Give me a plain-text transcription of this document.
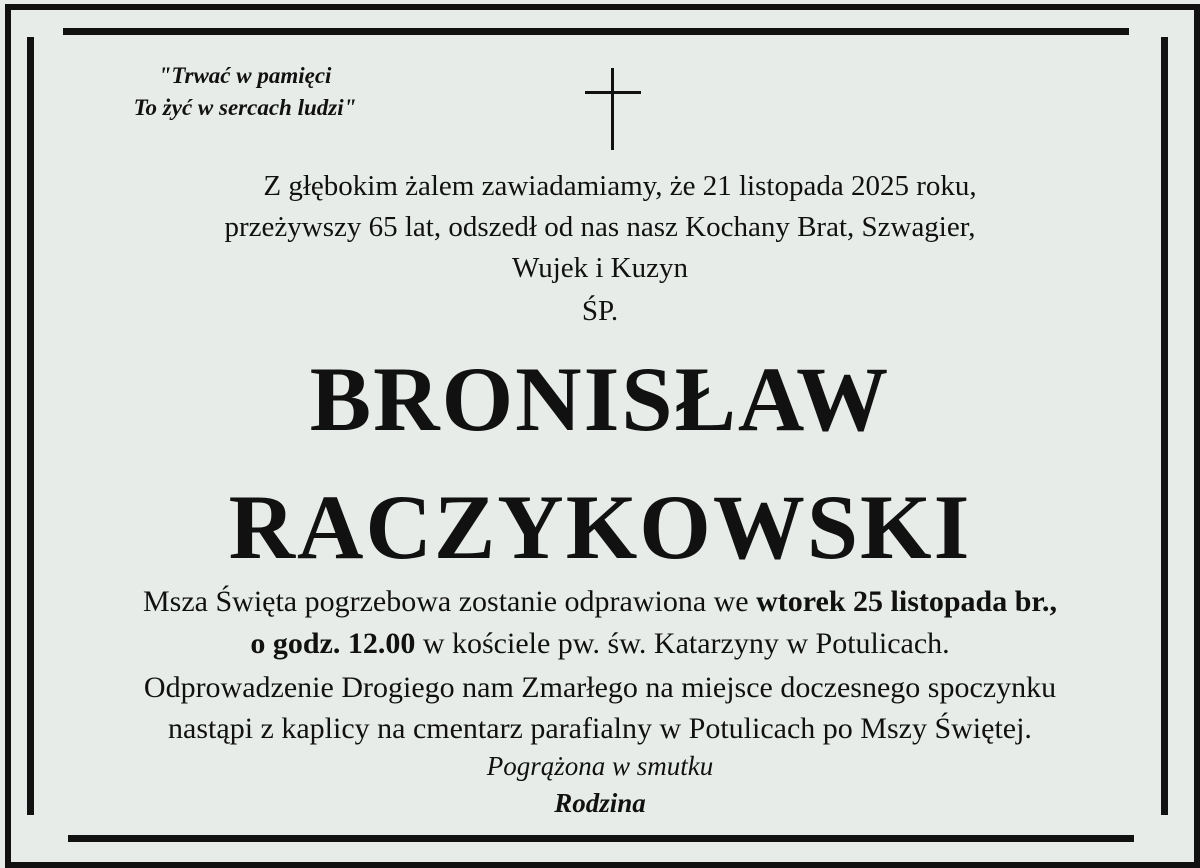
"Trwać w pamięci
To żyć w sercach ludzi"
Z głębokim żalem zawiadamiamy, że 21 listopada 2025 roku,
przeżywszy 65 lat, odszedł od nas nasz Kochany Brat, Szwagier,
Wujek i Kuzyn
ŚP.
BRONISŁAW
RACZYKOWSKI
Msza Święta pogrzebowa zostanie odprawiona we wtorek 25 listopada br.,
o godz. 12.00 w kościele pw. św. Katarzyny w Potulicach.
Odprowadzenie Drogiego nam Zmarłego na miejsce doczesnego spoczynku
nastąpi z kaplicy na cmentarz parafialny w Potulicach po Mszy Świętej.
Pogrążona w smutku
Rodzina
